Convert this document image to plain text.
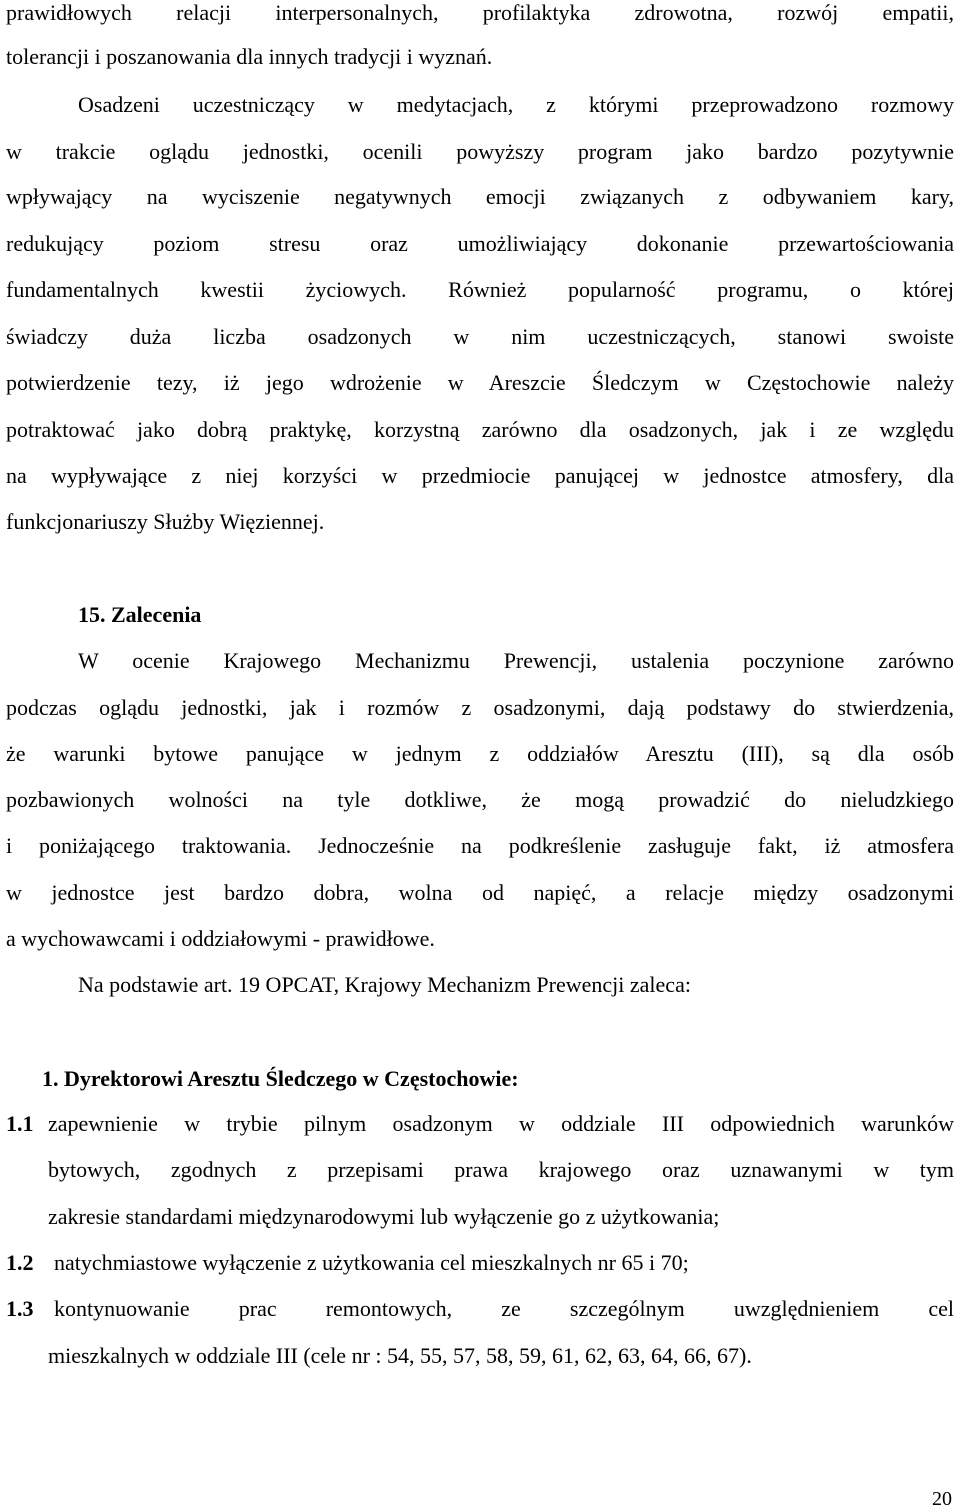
prawidłowych relacji interpersonalnych, profilaktyka zdrowotna, rozwój empatii,
tolerancji i poszanowania dla innych tradycji i wyznań.
Osadzeni uczestniczący w medytacjach, z którymi przeprowadzono rozmowy
w trakcie oglądu jednostki, ocenili powyższy program jako bardzo pozytywnie
wpływający na wyciszenie negatywnych emocji związanych z odbywaniem kary,
redukujący poziom stresu oraz umożliwiający dokonanie przewartościowania
fundamentalnych kwestii życiowych. Również popularność programu, o której
świadczy duża liczba osadzonych w nim uczestniczących, stanowi swoiste
potwierdzenie tezy, iż jego wdrożenie w Areszcie Śledczym w Częstochowie należy
potraktować jako dobrą praktykę, korzystną zarówno dla osadzonych, jak i ze względu
na wypływające z niej korzyści w przedmiocie panującej w jednostce atmosfery, dla
funkcjonariuszy Służby Więziennej.
15. Zalecenia
W ocenie Krajowego Mechanizmu Prewencji, ustalenia poczynione zarówno
podczas oglądu jednostki, jak i rozmów z osadzonymi, dają podstawy do stwierdzenia,
że warunki bytowe panujące w jednym z oddziałów Aresztu (III), są dla osób
pozbawionych wolności na tyle dotkliwe, że mogą prowadzić do nieludzkiego
i poniżającego traktowania. Jednocześnie na podkreślenie zasługuje fakt, iż atmosfera
w jednostce jest bardzo dobra, wolna od napięć, a relacje między osadzonymi
a wychowawcami i oddziałowymi - prawidłowe.
Na podstawie art. 19 OPCAT, Krajowy Mechanizm Prewencji zaleca:
1. Dyrektorowi Aresztu Śledczego w Częstochowie:
1.1 zapewnienie w trybie pilnym osadzonym w oddziale III odpowiednich warunków
bytowych, zgodnych z przepisami prawa krajowego oraz uznawanymi w tym
zakresie standardami międzynarodowymi lub wyłączenie go z użytkowania;
1.2 natychmiastowe wyłączenie z użytkowania cel mieszkalnych nr 65 i 70;
1.3 kontynuowanie prac remontowych, ze szczególnym uwzględnieniem cel
mieszkalnych w oddziale III (cele nr : 54, 55, 57, 58, 59, 61, 62, 63, 64, 66, 67).
20
